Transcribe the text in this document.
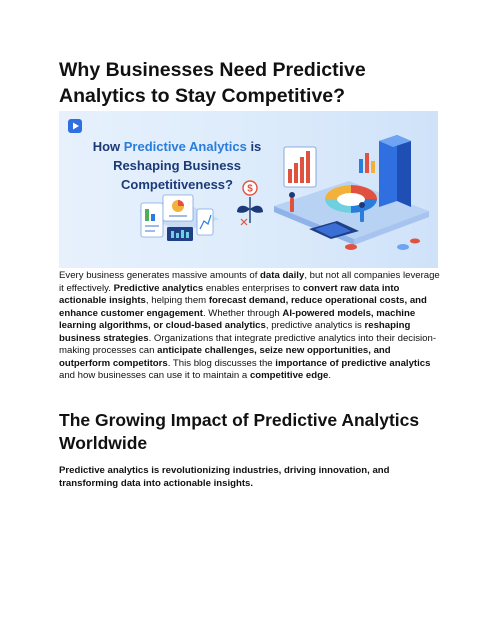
Why Businesses Need Predictive Analytics to Stay Competitive?
How Predictive Analytics is Reshaping Business Competitiveness?	$

Every business generates massive amounts of data daily, but not all companies leverage it effectively. Predictive analytics enables enterprises to convert raw data into actionable insights, helping them forecast demand, reduce operational costs, and enhance customer engagement. Whether through AI-powered models, machine learning algorithms, or cloud-based analytics, predictive analytics is reshaping business strategies. Organizations that integrate predictive analytics into their decision-making processes can anticipate challenges, seize new opportunities, and outperform competitors. This blog discusses the importance of predictive analytics and how businesses can use it to maintain a competitive edge.

The Growing Impact of Predictive Analytics Worldwide

Predictive analytics is revolutionizing industries, driving innovation, and transforming data into actionable insights.
